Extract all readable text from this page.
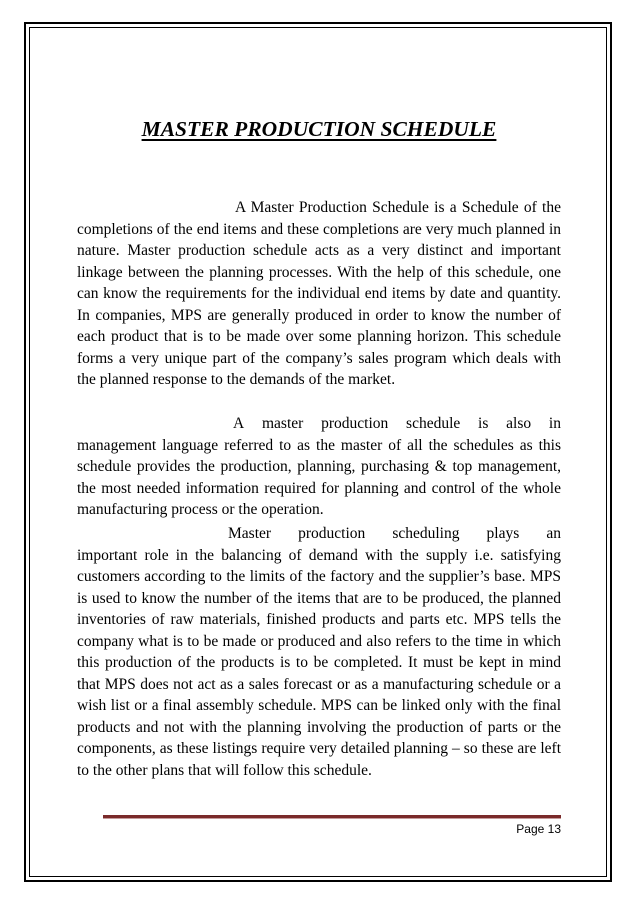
MASTER PRODUCTION SCHEDULE

A Master Production Schedule is a Schedule of the completions of the end items and these completions are very much planned in nature. Master production schedule acts as a very distinct and important linkage between the planning processes. With the help of this schedule, one can know the requirements for the individual end items by date and quantity. In companies, MPS are generally produced in order to know the number of each product that is to be made over some planning horizon. This schedule forms a very unique part of the company’s sales program which deals with the planned response to the demands of the market.

A master production schedule is also in
management language referred to as the master of all the schedules as this schedule provides the production, planning, purchasing & top management, the most needed information required for planning and control of the whole manufacturing process or the operation.
Master production scheduling plays an
important role in the balancing of demand with the supply i.e. satisfying customers according to the limits of the factory and the supplier’s base. MPS is used to know the number of the items that are to be produced, the planned inventories of raw materials, finished products and parts etc. MPS tells the company what is to be made or produced and also refers to the time in which this production of the products is to be completed. It must be kept in mind that MPS does not act as a sales forecast or as a manufacturing schedule or a wish list or a final assembly schedule. MPS can be linked only with the final products and not with the planning involving the production of parts or the components, as these listings require very detailed planning – so these are left to the other plans that will follow this schedule.
Page 13
